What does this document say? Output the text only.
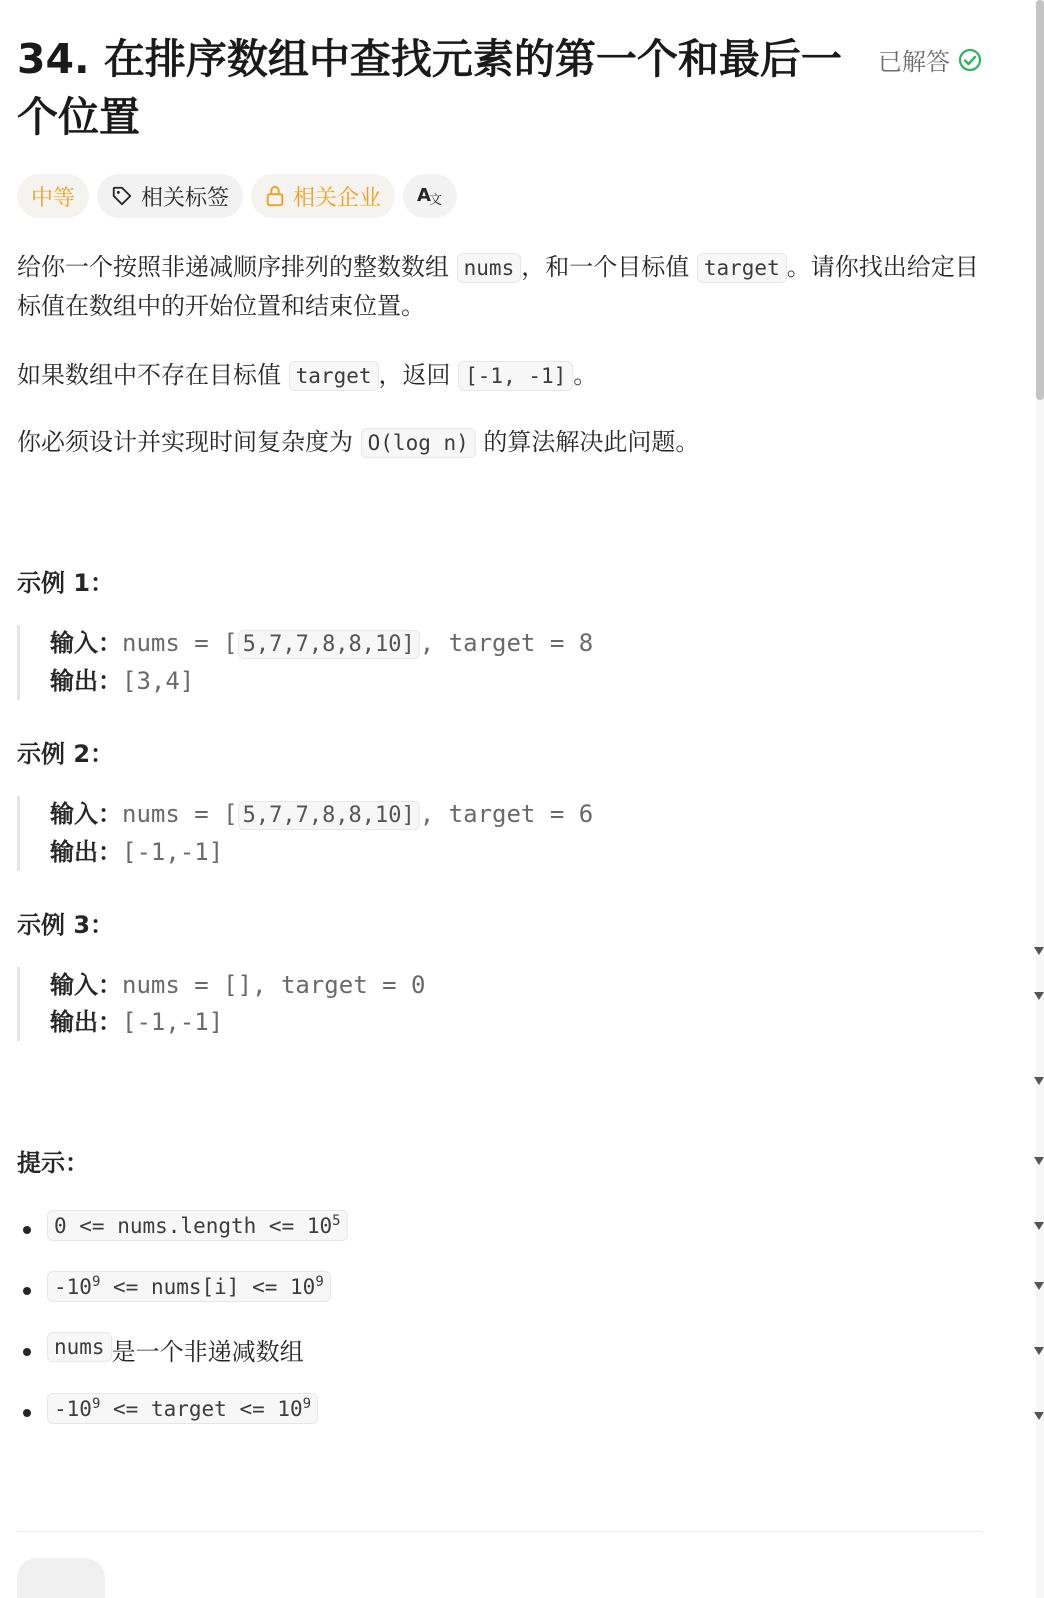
34. 在排序数组中查找元素的第一个和最后一个位置
已解答
中等	相关标签	相关企业 A
文

给你一个按照非递减顺序排列的整数数组 nums ，和一个目标值 target 。请你找出给定目标值在数组中的开始位置和结束位置。

如果数组中不存在目标值 target ，返回 [-1, -1] 。

你必须设计并实现时间复杂度为 O(log n) 的算法解决此问题。

示例 1：
输入：nums = [ 5,7,7,8,8,10] , target = 8
输出：[3,4]
示例 2：
输入：nums = [ 5,7,7,8,8,10] , target = 6
输出：[-1,-1]
示例 3：
输入：nums = [], target = 0
输出：[-1,-1]
提示：
0 <= nums.length <= $10^5$
$-10^9$ <= nums[i] <= $10^9$
nums 是一个非递减数组
$-10^9$ <= target <= $10^9$
